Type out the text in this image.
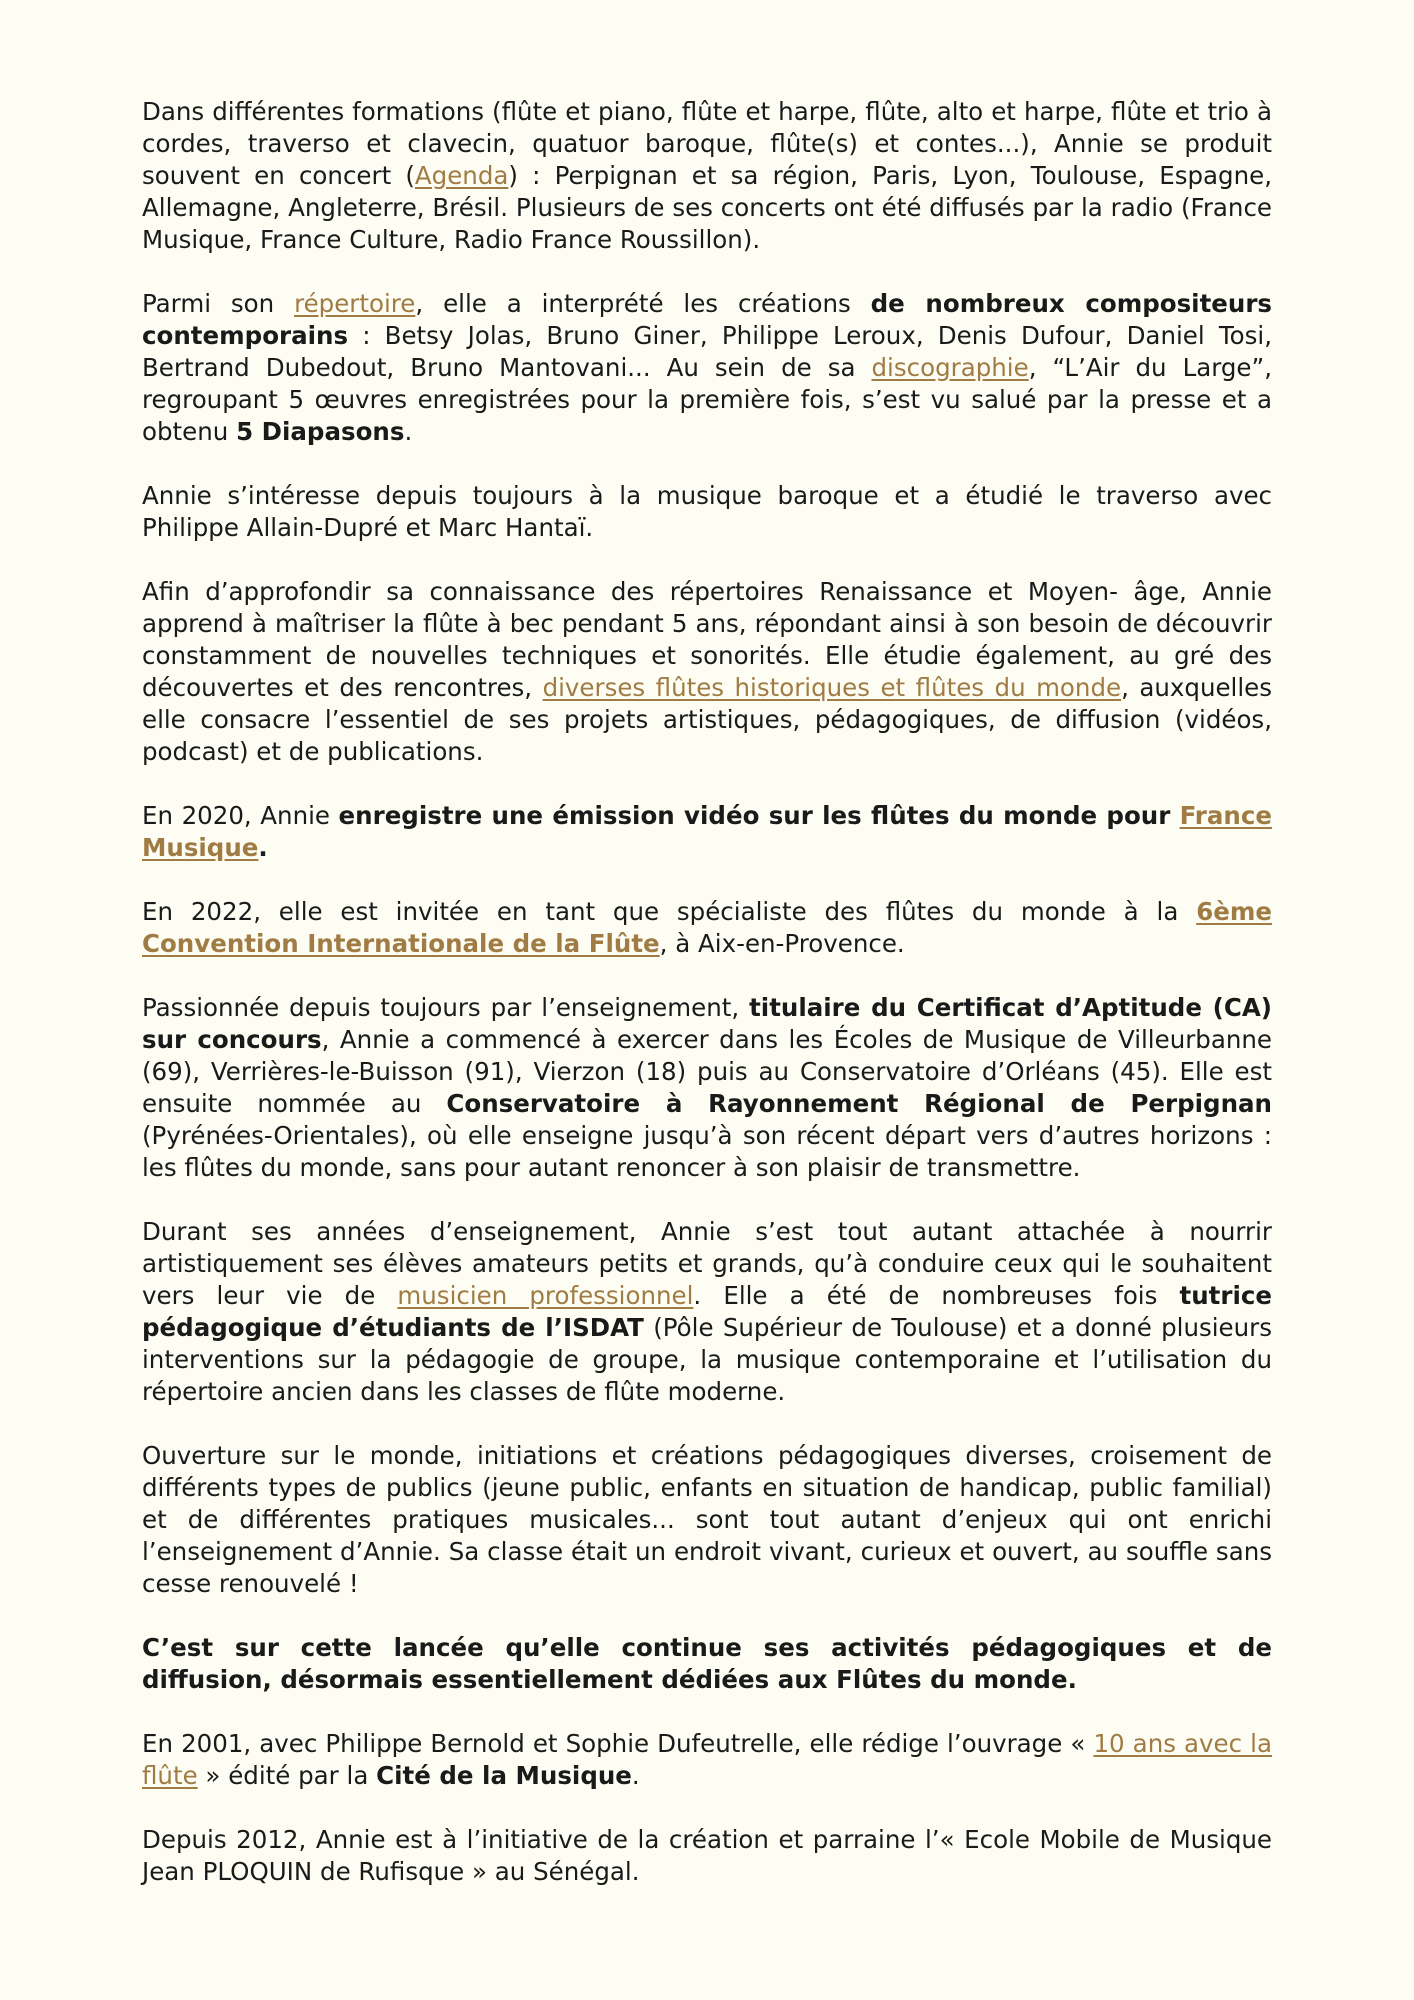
Dans différentes formations (flûte et piano, flûte et harpe, flûte, alto et harpe, flûte et trio à cordes, traverso et clavecin, quatuor baroque, flûte(s) et contes...), Annie se produit souvent en concert (Agenda) : Perpignan et sa région, Paris, Lyon, Toulouse, Espagne, Allemagne, Angleterre, Brésil. Plusieurs de ses concerts ont été diffusés par la radio (France Musique, France Culture, Radio France Roussillon).

Parmi son répertoire, elle a interprété les créations de nombreux compositeurs contemporains : Betsy Jolas, Bruno Giner, Philippe Leroux, Denis Dufour, Daniel Tosi, Bertrand Dubedout, Bruno Mantovani... Au sein de sa discographie, “L’Air du Large”, regroupant 5 œuvres enregistrées pour la première fois, s’est vu salué par la presse et a obtenu 5 Diapasons.

Annie s’intéresse depuis toujours à la musique baroque et a étudié le traverso avec Philippe Allain-Dupré et Marc Hantaï.

Afin d’approfondir sa connaissance des répertoires Renaissance et Moyen- âge, Annie apprend à maîtriser la flûte à bec pendant 5 ans, répondant ainsi à son besoin de découvrir constamment de nouvelles techniques et sonorités. Elle étudie également, au gré des découvertes et des rencontres, diverses flûtes historiques et flûtes du monde, auxquelles elle consacre l’essentiel de ses projets artistiques, pédagogiques, de diffusion (vidéos, podcast) et de publications.

En 2020, Annie enregistre une émission vidéo sur les flûtes du monde pour France Musique.

En 2022, elle est invitée en tant que spécialiste des flûtes du monde à la 6ème Convention Internationale de la Flûte, à Aix-en-Provence.

Passionnée depuis toujours par l’enseignement, titulaire du Certificat d’Aptitude (CA) sur concours, Annie a commencé à exercer dans les Écoles de Musique de Villeurbanne (69), Verrières-le-Buisson (91), Vierzon (18) puis au Conservatoire d’Orléans (45). Elle est ensuite nommée au Conservatoire à Rayonnement Régional de Perpignan (Pyrénées-Orientales), où elle enseigne jusqu’à son récent départ vers d’autres horizons : les flûtes du monde, sans pour autant renoncer à son plaisir de transmettre.

Durant ses années d’enseignement, Annie s’est tout autant attachée à nourrir artistiquement ses élèves amateurs petits et grands, qu’à conduire ceux qui le souhaitent vers leur vie de musicien professionnel. Elle a été de nombreuses fois tutrice pédagogique d’étudiants de l’ISDAT (Pôle Supérieur de Toulouse) et a donné plusieurs interventions sur la pédagogie de groupe, la musique contemporaine et l’utilisation du répertoire ancien dans les classes de flûte moderne.

Ouverture sur le monde, initiations et créations pédagogiques diverses, croisement de différents types de publics (jeune public, enfants en situation de handicap, public familial) et de différentes pratiques musicales... sont tout autant d’enjeux qui ont enrichi l’enseignement d’Annie. Sa classe était un endroit vivant, curieux et ouvert, au souffle sans cesse renouvelé !

C’est sur cette lancée qu’elle continue ses activités pédagogiques et de diffusion, désormais essentiellement dédiées aux Flûtes du monde.

En 2001, avec Philippe Bernold et Sophie Dufeutrelle, elle rédige l’ouvrage « 10 ans avec la flûte » édité par la Cité de la Musique.

Depuis 2012, Annie est à l’initiative de la création et parraine l’« Ecole Mobile de Musique Jean PLOQUIN de Rufisque » au Sénégal.
